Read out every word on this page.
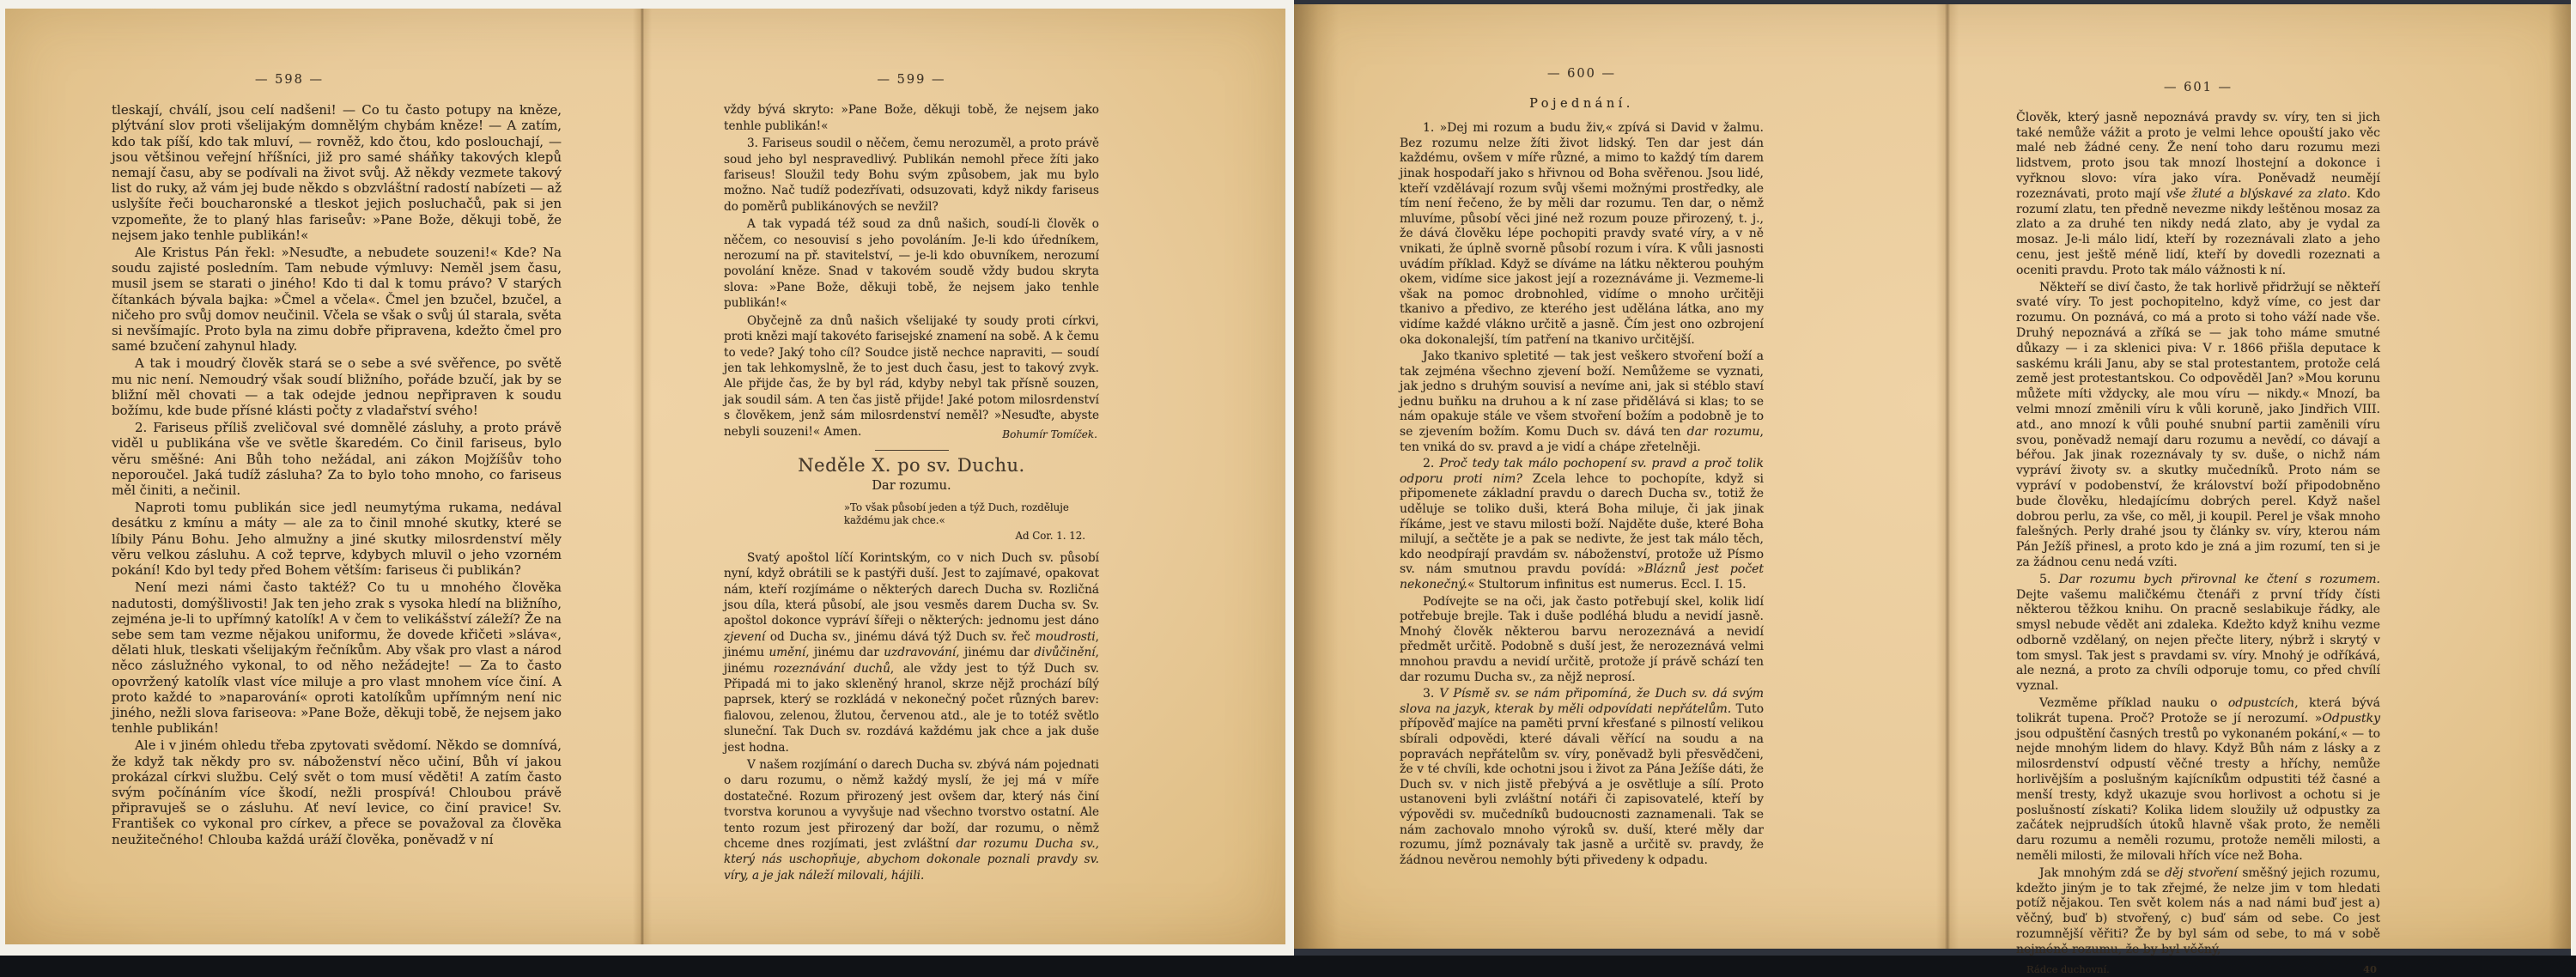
— 598 —

tleskají, chválí, jsou celí nadšeni! — Co tu často potupy na kněze, plýtvání slov proti všelijakým domnělým chybám kněze! — A zatím, kdo tak píší, kdo tak mluví, — rovněž, kdo čtou, kdo poslouchají, — jsou většinou veřejní hříšníci, již pro samé sháňky takových klepů nemají času, aby se podívali na život svůj. Až někdy vezmete takový list do ruky, až vám jej bude někdo s obzvláštní radostí nabízeti — až uslyšíte řeči boucharonské a tleskot jejich posluchačů, pak si jen vzpomeňte, že to planý hlas fariseův: »Pane Bože, děkuji tobě, že nejsem jako tenhle publikán!«

Ale Kristus Pán řekl: »Nesuďte, a nebudete souzeni!« Kde? Na soudu zajisté posledním. Tam nebude výmluvy: Neměl jsem času, musil jsem se starati o jiného! Kdo ti dal k tomu právo? V starých čítankách bývala bajka: »Čmel a včela«. Čmel jen bzučel, bzučel, a ničeho pro svůj domov neučinil. Včela se však o svůj úl starala, světa si nevšímajíc. Proto byla na zimu dobře připravena, kdežto čmel pro samé bzučení zahynul hlady.

A tak i moudrý člověk stará se o sebe a své svěřence, po světě mu nic není. Nemoudrý však soudí bližního, pořáde bzučí, jak by se bližní měl chovati — a tak odejde jednou nepřipraven k soudu božímu, kde bude přísné klásti počty z vladařství svého!

2. Fariseus příliš zveličoval své domnělé zásluhy, a proto právě viděl u publikána vše ve světle škaredém. Co činil fariseus, bylo věru směšné: Ani Bůh toho nežádal, ani zákon Mojžíšův toho neporoučel. Jaká tudíž zásluha? Za to bylo toho mnoho, co fariseus měl činiti, a nečinil.

Naproti tomu publikán sice jedl neumytýma rukama, nedával desátku z kmínu a máty — ale za to činil mnohé skutky, které se líbily Pánu Bohu. Jeho almužny a jiné skutky milosrdenství měly věru velkou zásluhu. A což teprve, kdybych mluvil o jeho vzorném pokání! Kdo byl tedy před Bohem větším: fariseus či publikán?

Není mezi námi často taktéž? Co tu u mnohého člověka nadutosti, domýšlivosti! Jak ten jeho zrak s vysoka hledí na bližního, zejména je-li to upřímný katolík! A v čem to velikášství záleží? Že na sebe sem tam vezme nějakou uniformu, že dovede křičeti »sláva«, dělati hluk, tleskati všelijakým řečníkům. Aby však pro vlast a národ něco záslužného vykonal, to od něho nežádejte! — Za to často opovržený katolík vlast více miluje a pro vlast mnohem více činí. A proto každé to »naparování« oproti katolíkům upřímným není nic jiného, nežli slova fariseova: »Pane Bože, děkuji tobě, že nejsem jako tenhle publikán!

Ale i v jiném ohledu třeba zpytovati svědomí. Někdo se domnívá, že když tak někdy pro sv. náboženství něco učiní, Bůh ví jakou prokázal církvi službu. Celý svět o tom musí věděti! A zatím často svým počínáním více škodí, nežli prospívá! Chloubou právě připravuješ se o zásluhu. Ať neví levice, co činí pravice! Sv. František co vykonal pro církev, a přece se považoval za člověka neužitečného! Chlouba každá uráží člověka, poněvadž v ní

— 599 —

vždy bývá skryto: »Pane Bože, děkuji tobě, že nejsem jako tenhle publikán!«

3. Fariseus soudil o něčem, čemu nerozuměl, a proto právě soud jeho byl nespravedlivý. Publikán nemohl přece žíti jako fariseus! Sloužil tedy Bohu svým způsobem, jak mu bylo možno. Nač tudíž podezřívati, odsuzovati, když nikdy fariseus do poměrů publikánových se nevžil?

A tak vypadá též soud za dnů našich, soudí-li člověk o něčem, co nesouvisí s jeho povoláním. Je-li kdo úředníkem, nerozumí na př. stavitelství, — je-li kdo obuvníkem, nerozumí povolání kněze. Snad v takovém soudě vždy budou skryta slova: »Pane Bože, děkuji tobě, že nejsem jako tenhle publikán!«

Obyčejně za dnů našich všelijaké ty soudy proti církvi, proti knězi mají takovéto farisejské znamení na sobě. A k čemu to vede? Jaký toho cíl? Soudce jistě nechce napraviti, — soudí jen tak lehkomyslně, že to jest duch času, jest to takový zvyk. Ale přijde čas, že by byl rád, kdyby nebyl tak přísně souzen, jak soudil sám. A ten čas jistě přijde! Jaké potom milosrdenství s člověkem, jenž sám milosrdenství neměl? »Nesuďte, abyste nebyli souzeni!« Amen.	Bohumír Tomíček.
Neděle X. po sv. Duchu.
Dar rozumu.
»To však působí jeden a týž Duch, rozděluje každému jak chce.«
Ad Cor. 1. 12.

Svatý apoštol líčí Korintským, co v nich Duch sv. působí nyní, když obrátili se k pastýři duší. Jest to zajímavé, opakovat nám, kteří rozjímáme o některých darech Ducha sv. Rozličná jsou díla, která působí, ale jsou vesměs darem Ducha sv. Sv. apoštol dokonce vypráví šířeji o některých: jednomu jest dáno zjevení od Ducha sv., jinému dává týž Duch sv. řeč moudrosti, jinému umění, jinému dar uzdravování, jinému dar divůčinění, jinému rozeznávání duchů, ale vždy jest to týž Duch sv. Připadá mi to jako skleněný hranol, skrze nějž prochází bílý paprsek, který se rozkládá v nekonečný počet různých barev: fialovou, zelenou, žlutou, červenou atd., ale je to totéž světlo sluneční. Tak Duch sv. rozdává každému jak chce a jak duše jest hodna.

V našem rozjímání o darech Ducha sv. zbývá nám pojednati o daru rozumu, o němž každý myslí, že jej má v míře dostatečné. Rozum přirozený jest ovšem dar, který nás činí tvorstva korunou a vyvyšuje nad všechno tvorstvo ostatní. Ale tento rozum jest přirozený dar boží, dar rozumu, o němž chceme dnes rozjímati, jest zvláštní dar rozumu Ducha sv., který nás uschopňuje, abychom dokonale poznali pravdy sv. víry, a je jak náleží milovali, hájili.

— 600 —
Pojednání.

1. »Dej mi rozum a budu živ,« zpívá si David v žalmu. Bez rozumu nelze žíti život lidský. Ten dar jest dán každému, ovšem v míře různé, a mimo to každý tím darem jinak hospodaří jako s hřivnou od Boha svěřenou. Jsou lidé, kteří vzdělávají rozum svůj všemi možnými prostředky, ale tím není řečeno, že by měli dar rozumu. Ten dar, o němž mluvíme, působí věci jiné než rozum pouze přirozený, t. j., že dává člověku lépe pochopiti pravdy svaté víry, a v ně vnikati, že úplně svorně působí rozum i víra. K vůli jasnosti uvádím příklad. Když se díváme na látku některou pouhým okem, vidíme sice jakost její a rozeznáváme ji. Vezmeme-li však na pomoc drobnohled, vidíme o mnoho určitěji tkanivo a předivo, ze kterého jest udělána látka, ano my vidíme každé vlákno určitě a jasně. Čím jest ono ozbrojení oka dokonalejší, tím patření na tkanivo určitější.

Jako tkanivo spletité — tak jest veškero stvoření boží a tak zejména všechno zjevení boží. Nemůžeme se vyznati, jak jedno s druhým souvisí a nevíme ani, jak si stéblo staví jednu buňku na druhou a k ní zase přidělává si klas; to se nám opakuje stále ve všem stvoření božím a podobně je to se zjevením božím. Komu Duch sv. dává ten dar rozumu, ten vniká do sv. pravd a je vidí a chápe zřetelněji.

2. Proč tedy tak málo pochopení sv. pravd a proč tolik odporu proti nim? Zcela lehce to pochopíte, když si připomenete základní pravdu o darech Ducha sv., totiž že uděluje se toliko duši, která Boha miluje, či jak jinak říkáme, jest ve stavu milosti boží. Najděte duše, které Boha milují, a sečtěte je a pak se nedivte, že jest tak málo těch, kdo neodpírají pravdám sv. náboženství, protože už Písmo sv. nám smutnou pravdu povídá: »Bláznů jest počet nekonečný.« Stultorum infinitus est numerus. Eccl. I. 15.

Podívejte se na oči, jak často potřebují skel, kolik lidí potřebuje brejle. Tak i duše podléhá bludu a nevidí jasně. Mnohý člověk některou barvu nerozeznává a nevidí předmět určitě. Podobně s duší jest, že nerozeznává velmi mnohou pravdu a nevidí určitě, protože jí právě schází ten dar rozumu Ducha sv., za nějž neprosí.

3. V Písmě sv. se nám připomíná, že Duch sv. dá svým slova na jazyk, kterak by měli odpovídati nepřátelům. Tuto přípověď majíce na paměti první křesťané s pilností velikou sbírali odpovědi, které dávali věřící na soudu a na popravách nepřátelům sv. víry, poněvadž byli přesvědčeni, že v té chvíli, kde ochotni jsou i život za Pána Ježíše dáti, že Duch sv. v nich jistě přebývá a je osvětluje a sílí. Proto ustanoveni byli zvláštní notáři či zapisovatelé, kteří by výpovědi sv. mučedníků budoucnosti zaznamenali. Tak se nám zachovalo mnoho výroků sv. duší, které měly dar rozumu, jímž poznávaly tak jasně a určitě sv. pravdy, že žádnou nevěrou nemohly býti přivedeny k odpadu.

— 601 —

Člověk, který jasně nepoznává pravdy sv. víry, ten si jich také nemůže vážit a proto je velmi lehce opouští jako věc malé neb žádné ceny. Že není toho daru rozumu mezi lidstvem, proto jsou tak mnozí lhostejní a dokonce i vyřknou slovo: víra jako víra. Poněvadž neumějí rozeznávati, proto mají vše žluté a blýskavé za zlato. Kdo rozumí zlatu, ten předně nevezme nikdy leštěnou mosaz za zlato a za druhé ten nikdy nedá zlato, aby je vydal za mosaz. Je-li málo lidí, kteří by rozeznávali zlato a jeho cenu, jest ještě méně lidí, kteří by dovedli rozeznati a oceniti pravdu. Proto tak málo vážnosti k ní.

Někteří se diví často, že tak horlivě přidržují se někteří svaté víry. To jest pochopitelno, když víme, co jest dar rozumu. On poznává, co má a proto si toho váží nade vše. Druhý nepoznává a zříká se — jak toho máme smutné důkazy — i za sklenici piva: V r. 1866 přišla deputace k saskému králi Janu, aby se stal protestantem, protože celá země jest protestantskou. Co odpověděl Jan? »Mou korunu můžete míti vždycky, ale mou víru — nikdy.« Mnozí, ba velmi mnozí změnili víru k vůli koruně, jako Jindřich VIII. atd., ano mnozí k vůli pouhé snubní partii zaměnili víru svou, poněvadž nemají daru rozumu a nevědí, co dávají a béřou. Jak jinak rozeznávaly ty sv. duše, o nichž nám vypráví životy sv. a skutky mučedníků. Proto nám se vypráví v podobenství, že království boží připodobněno bude člověku, hledajícímu dobrých perel. Když našel dobrou perlu, za vše, co měl, ji koupil. Perel je však mnoho falešných. Perly drahé jsou ty články sv. víry, kterou nám Pán Ježíš přinesl, a proto kdo je zná a jim rozumí, ten si je za žádnou cenu nedá vzíti.

5. Dar rozumu bych přirovnal ke čtení s rozumem. Dejte vašemu maličkému čtenáři z první třídy čísti některou těžkou knihu. On pracně seslabikuje řádky, ale smysl nebude vědět ani zdaleka. Kdežto když knihu vezme odborně vzdělaný, on nejen přečte litery, nýbrž i skrytý v tom smysl. Tak jest s pravdami sv. víry. Mnohý je odříkává, ale nezná, a proto za chvíli odporuje tomu, co před chvílí vyznal.

Vezměme příklad nauku o odpustcích, která bývá tolikrát tupena. Proč? Protože se jí nerozumí. »Odpustky jsou odpuštění časných trestů po vykonaném pokání,« — to nejde mnohým lidem do hlavy. Když Bůh nám z lásky a z milosrdenství odpustí věčné tresty a hříchy, nemůže horlivějším a poslušným kajícníkům odpustiti též časné a menší tresty, když ukazuje svou horlivost a ochotu si je poslušností získati? Kolika lidem sloužily už odpustky za začátek nejprudších útoků hlavně však proto, že neměli daru rozumu a neměli rozumu, protože neměli milosti, a neměli milosti, že milovali hřích více než Boha.

Jak mnohým zdá se děj stvoření směšný jejich rozumu, kdežto jiným je to tak zřejmé, že nelze jim v tom hledati potíž nějakou. Ten svět kolem nás a nad námi buď jest a) věčný, buď b) stvořený, c) buď sám od sebe. Co jest rozumnější věřiti? Že by byl sám od sebe, to má v sobě nejméně rozumu, že by byl věčný,

Rádce duchovní.	40
